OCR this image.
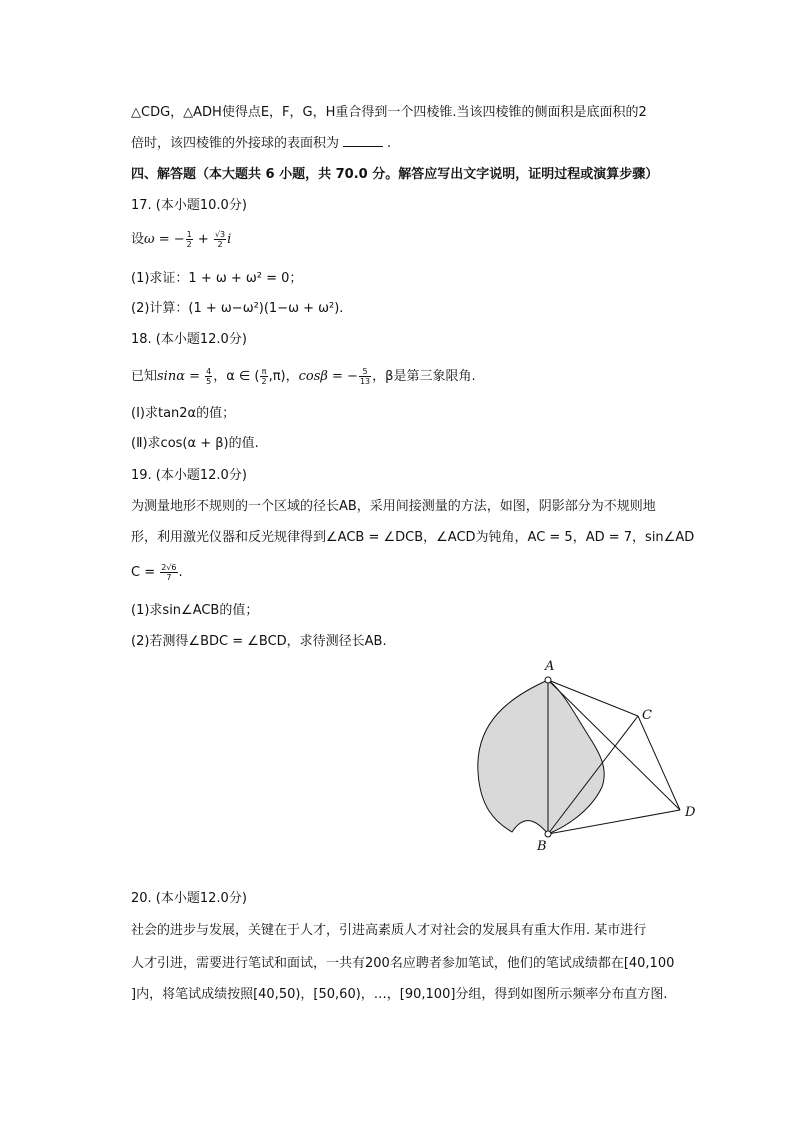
△CDG，△ADH使得点E，F，G，H重合得到一个四棱锥.当该四棱锥的侧面积是底面积的2
倍时，该四棱锥的外接球的表面积为	.
四、解答题（本大题共 6 小题，共 70.0 分。解答应写出文字说明，证明过程或演算步骤）
17. (本小题10.0分)
设ω = − $\frac{1}{2} + \frac{√3}{2}$ i
(1)求证：1 + ω + ω² = 0；
(2)计算：(1 + ω−ω²)(1−ω + ω²).
18. (本小题12.0分)
已知$\sin\alpha = \frac{4}{5}$ ，α ∈ ( $\frac{\pi}{2} ,\pi$)，cosβ = − $\frac{5}{13}$ ，β是第三象限角.
(Ⅰ)求tan2α的值；
(Ⅱ)求cos(α + β)的值.
19. (本小题12.0分)
为测量地形不规则的一个区域的径长AB，采用间接测量的方法，如图，阴影部分为不规则地
形，利用激光仪器和反光规律得到∠ACB = ∠DCB，∠ACD为钝角，AC = 5，AD = 7，sin∠AD
$C = \frac{2√6}{7}$ .
(1)求sin∠ACB的值；
(2)若测得∠BDC = ∠BCD，求待测径长AB.
A
B
C
D
20. (本小题12.0分)
社会的进步与发展，关键在于人才，引进高素质人才对社会的发展具有重大作用. 某市进行
人才引进，需要进行笔试和面试，一共有200名应聘者参加笔试，他们的笔试成绩都在[40,100
]内，将笔试成绩按照[40,50)，[50,60)，…，[90,100]分组，得到如图所示频率分布直方图.
